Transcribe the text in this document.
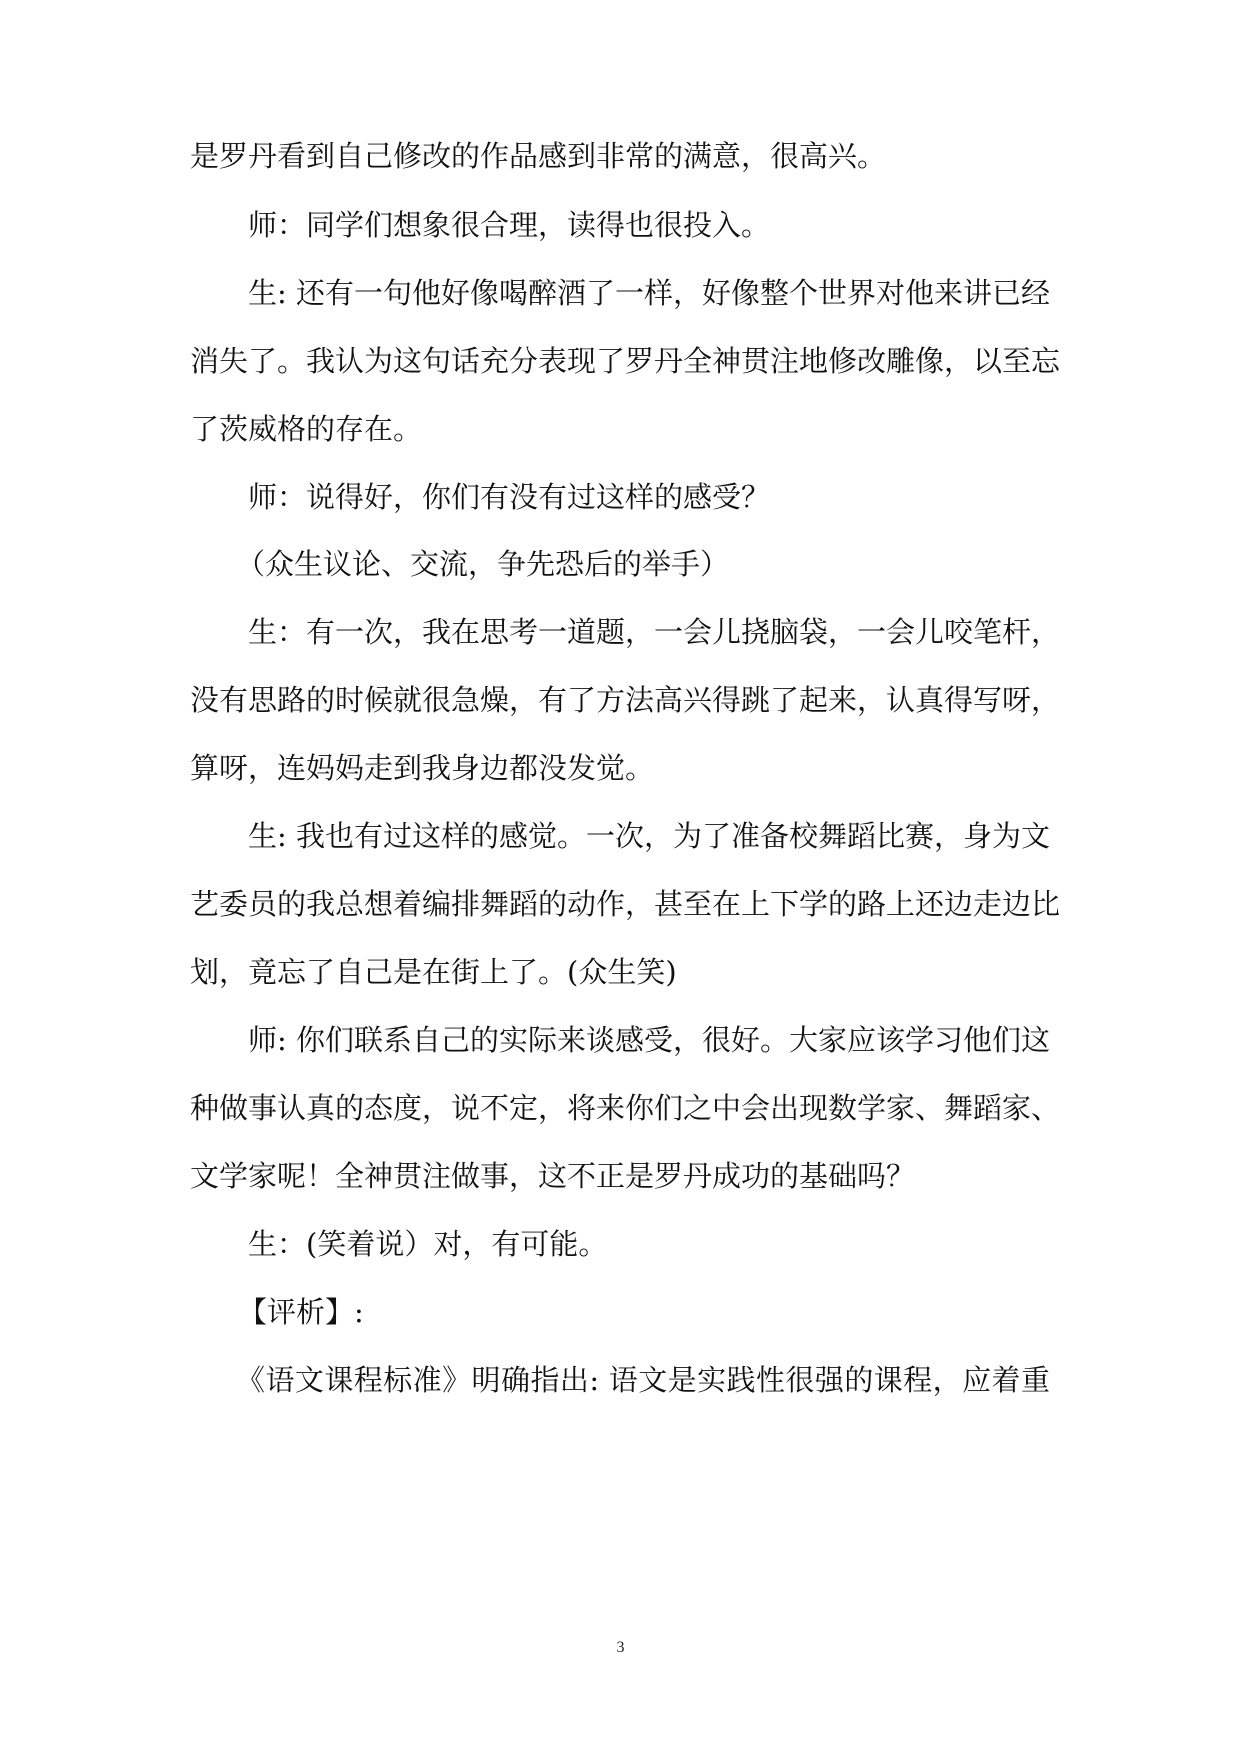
是罗丹看到自己修改的作品感到非常的满意，很高兴。
师：同学们想象很合理，读得也很投入。
生: 还有一句他好像喝醉酒了一样，好像整个世界对他来讲已经
消失了。我认为这句话充分表现了罗丹全神贯注地修改雕像，以至忘
了茨威格的存在。
师：说得好，你们有没有过这样的感受？
（众生议论、交流，争先恐后的举手）
生：有一次，我在思考一道题，一会儿挠脑袋，一会儿咬笔杆，
没有思路的时候就很急燥，有了方法高兴得跳了起来，认真得写呀，
算呀，连妈妈走到我身边都没发觉。
生: 我也有过这样的感觉。一次，为了准备校舞蹈比赛，身为文
艺委员的我总想着编排舞蹈的动作，甚至在上下学的路上还边走边比
划，竟忘了自己是在街上了。(众生笑)
师: 你们联系自己的实际来谈感受，很好。大家应该学习他们这
种做事认真的态度，说不定，将来你们之中会出现数学家、舞蹈家、
文学家呢！全神贯注做事，这不正是罗丹成功的基础吗？
生：(笑着说）对，有可能。
【评析】:
《语文课程标准》明确指出: 语文是实践性很强的课程，应着重
3
